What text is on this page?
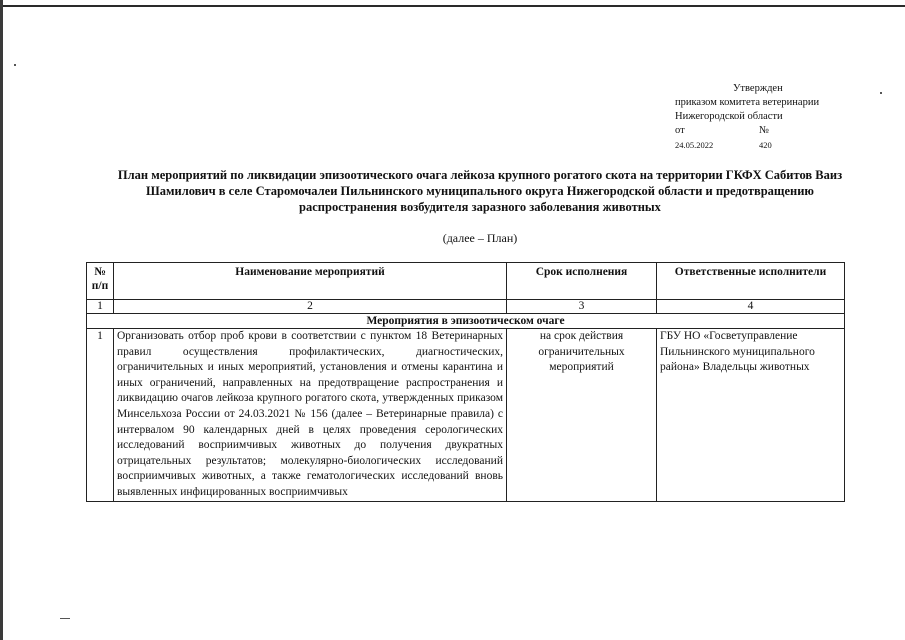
Утвержден
приказом комитета ветеринарии
Нижегородской области
от	№
24.05.2022	420
План мероприятий по ликвидации эпизоотического очага лейкоза крупного рогатого скота на территории ГКФХ Сабитов Ваиз Шамилович в селе Старомочалеи Пильнинского муниципального округа Нижегородской области и предотвращению распространения возбудителя заразного заболевания животных
(далее – План)
№ п/п	Наименование мероприятий	Срок исполнения	Ответственные исполнители
1	2	3	4
Мероприятия в эпизоотическом очаге			
1	Организовать отбор проб крови в соответствии с пунктом 18 Ветеринарных правил осуществления профилактических, диагностических, ограничительных и иных мероприятий, установления и отмены карантина и иных ограничений, направленных на предотвращение распространения и ликвидацию очагов лейкоза крупного рогатого скота, утвержденных приказом Минсельхоза России от 24.03.2021 № 156 (далее – Ветеринарные правила) с интервалом 90 календарных дней в целях проведения серологических исследований восприимчивых животных до получения двукратных отрицательных результатов; молекулярно-биологических исследований восприимчивых животных, а также гематологических исследований вновь выявленных инфицированных восприимчивых	на срок действия ограничительных мероприятий	ГБУ НО «Госветуправление Пильнинского муниципального района» Владельцы животных
